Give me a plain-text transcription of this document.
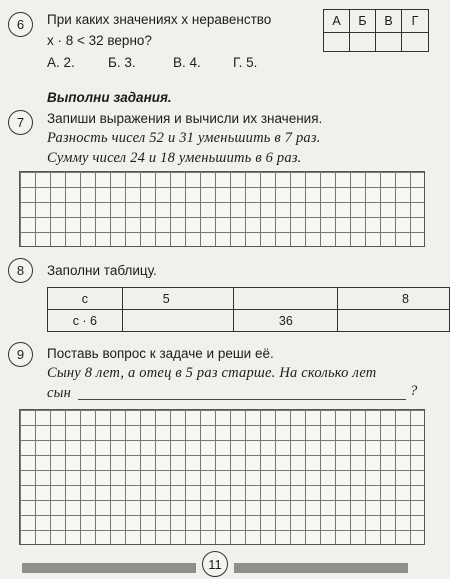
6	При каких значениях х неравенство
х · 8 < 32 верно?
А. 2. Б. 3.	В. 4. Г. 5.
А	Б	В	Г
Выполни задания.
7	Запиши выражения и вычисли их значения.
Разность чисел 52 и 31 уменьшить в 7 раз.
Сумму чисел 24 и 18 уменьшить в 6 раз.
8	Заполни таблицу.
с	5		8
с · 6		36	
9	Поставь вопрос к задаче и реши её.
Сыну 8 лет, а отец в 5 раз старше. На сколько лет
сын	?
11
